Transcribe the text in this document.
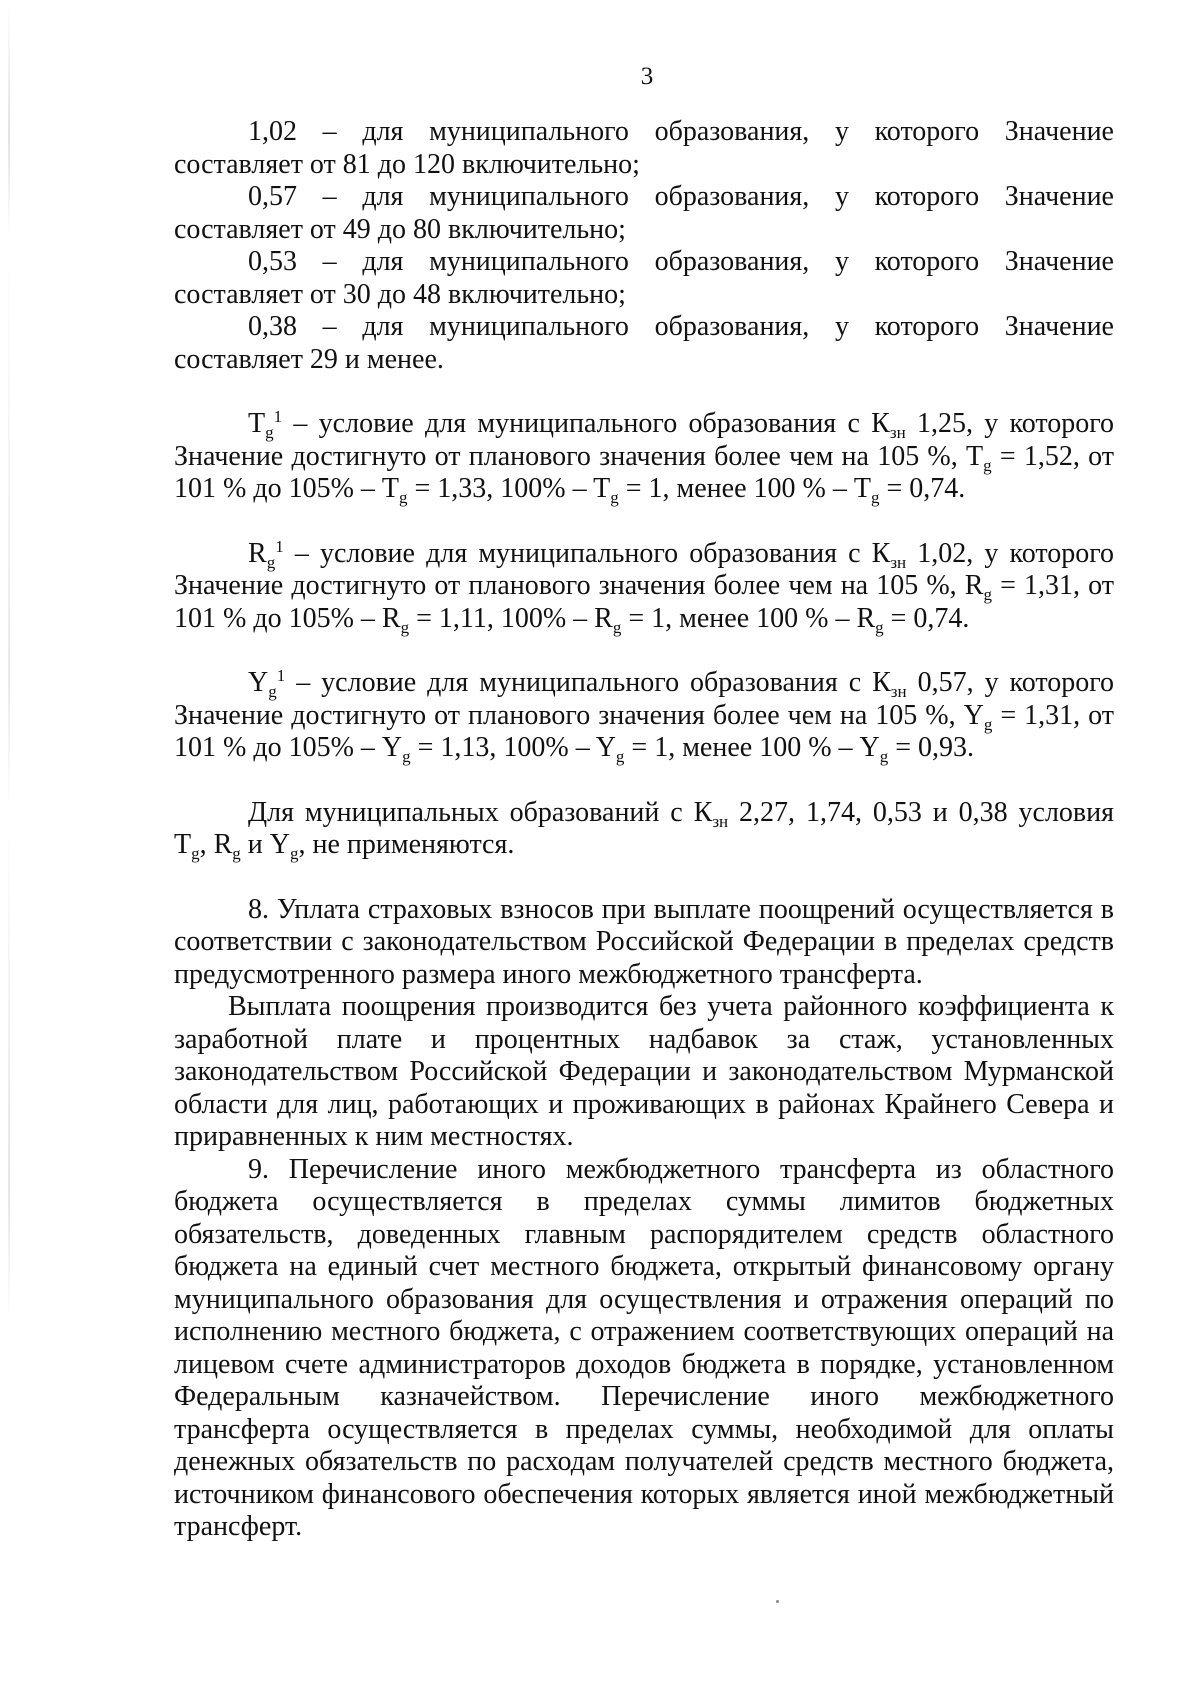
3

1,02 – для муниципального образования, у которого Значение
составляет от 81 до 120 включительно;

0,57 – для муниципального образования, у которого Значение
составляет от 49 до 80 включительно;

0,53 – для муниципального образования, у которого Значение
составляет от 30 до 48 включительно;

0,38 – для муниципального образования, у которого Значение
составляет 29 и менее.

$T_g^1$ – условие для муниципального образования с $К_{зн}$ 1,25, у которого Значение достигнуто от планового значения более чем на 105 %, $T_g = 1,52$, от 101 % до $105\% - T_g = 1,33$, $100\% - T_g = 1$, менее 100 % – $T_g = 0,74$.

$R_g^1$ – условие для муниципального образования с $К_{зн}$ 1,02, у которого Значение достигнуто от планового значения более чем на 105 %, $R_g = 1,31$, от 101 % до $105\% - R_g = 1,11$, $100\% - R_g = 1$, менее 100 % – $R_g = 0,74$.

$Y_g^1$ – условие для муниципального образования с $К_{зн}$ 0,57, у которого Значение достигнуто от планового значения более чем на 105 %, $Y_g = 1,31$, от 101 % до $105\% - Y_g = 1,13$, $100\% - Y_g = 1$, менее 100 % – $Y_g = 0,93$.

Для муниципальных образований с $К_{зн}$ 2,27, 1,74, 0,53 и 0,38 условия $T_g$, $R_g$ и $Y_g$, не применяются.

8. Уплата страховых взносов при выплате поощрений осуществляется в соответствии с законодательством Российской Федерации в пределах средств предусмотренного размера иного межбюджетного трансферта.

Выплата поощрения производится без учета районного коэффициента к заработной плате и процентных надбавок за стаж, установленных законодательством Российской Федерации и законодательством Мурманской области для лиц, работающих и проживающих в районах Крайнего Севера и приравненных к ним местностях.

9. Перечисление иного межбюджетного трансферта из областного бюджета осуществляется в пределах суммы лимитов бюджетных обязательств, доведенных главным распорядителем средств областного бюджета на единый счет местного бюджета, открытый финансовому органу муниципального образования для осуществления и отражения операций по исполнению местного бюджета, с отражением соответствующих операций на лицевом счете администраторов доходов бюджета в порядке, установленном Федеральным казначейством. Перечисление иного межбюджетного трансферта осуществляется в пределах суммы, необходимой для оплаты денежных обязательств по расходам получателей средств местного бюджета, источником финансового обеспечения которых является иной межбюджетный трансферт.
